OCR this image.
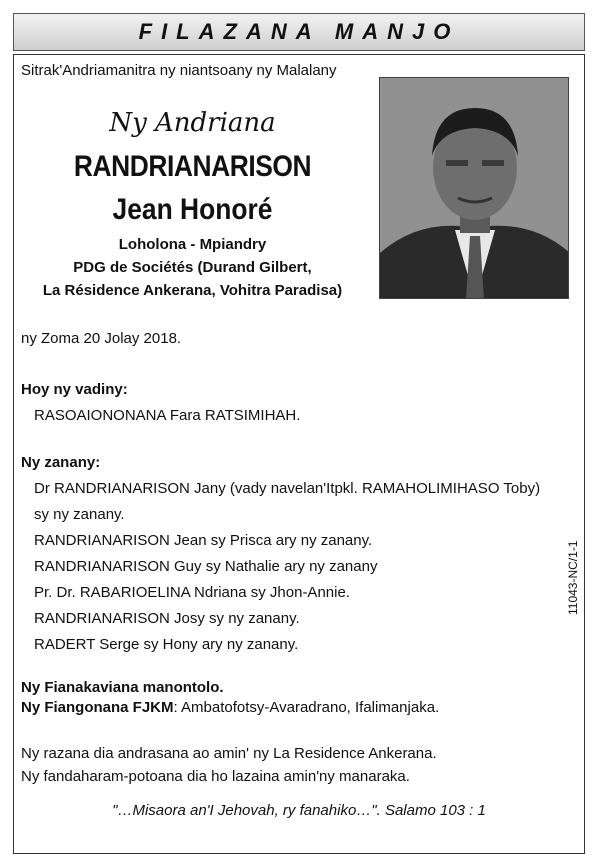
FILAZANA MANJO
Sitrak'Andriamanitra ny niantsoany ny Malalany
Ny Andriana
RANDRIANARISON
Jean Honoré
Loholona - Mpiandry
PDG de Sociétés (Durand Gilbert,
La Résidence Ankerana, Vohitra Paradisa)
ny Zoma 20 Jolay 2018.
Hoy ny vadiny:
RASOAIONONANA Fara RATSIMIHAH.
Ny zanany:
Dr RANDRIANARISON Jany (vady navelan'Itpkl. RAMAHOLIMIHASO Toby)
sy ny zanany.
RANDRIANARISON Jean sy Prisca ary ny zanany.
RANDRIANARISON Guy sy Nathalie ary ny zanany
Pr. Dr. RABARIOELINA Ndriana sy Jhon-Annie.
RANDRIANARISON Josy sy ny zanany.
RADERT Serge sy Hony ary ny zanany.
11043-NC/1-1
Ny Fianakaviana manontolo.
Ny Fiangonana FJKM: Ambatofotsy-Avaradrano, Ifalimanjaka.
Ny razana dia andrasana ao amin' ny La Residence Ankerana.
Ny fandaharam-potoana dia ho lazaina amin'ny manaraka.
"…Misaora an'I Jehovah, ry fanahiko…". Salamo 103 : 1
